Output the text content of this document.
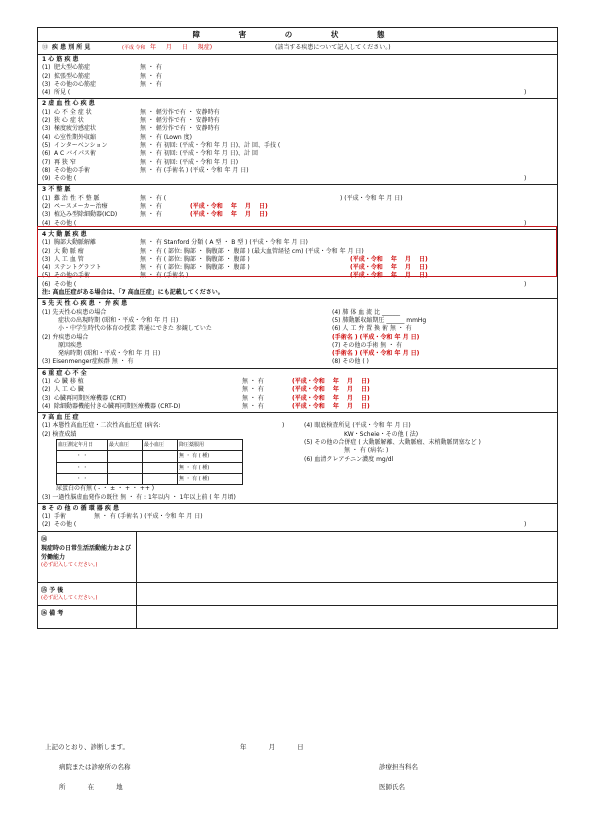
障 害 の 状 態
⑬ 疾 患 別 所 見	(平成 令和 年 月 日 現症)	(該当する疾患について記入してください。)
1 心 筋 疾 患
(1) 肥大型心筋症	無 ・ 有
(2) 拡張型心筋症	無 ・ 有
(3) その他の心筋症	無 ・ 有
(4) 所見 (	)
2 虚 血 性 心 疾 患
(1) 心 不 全 症 状	無 ・ 軽労作で有 ・ 安静時有
(2) 狭 心 症 状	無 ・ 軽労作で有 ・ 安静時有
(3) 極度疲労感症状	無 ・ 軽労作で有 ・ 安静時有
(4) 心室性期外収縮	無 ・ 有 (Lown 度)
(5) インターベンション	無 ・ 有 初回: (平成・令和 年 月 日)、計 回、手技 (
(6) A C バイパス術	無 ・ 有 初回: (平成・令和 年 月 日)、計 回
(7) 再 狭 窄	無 ・ 有 初回: (平成・令和 年 月 日)
(8) その他の手術	無 ・ 有 (手術名 ) (平成・令和 年 月 日)
(9) その他 (	)
3 不 整 脈
(1) 難 治 性 不 整 脈	無 ・ 有 (	) (平成・令和 年 月 日)
(2) ペースメーカー治療	無 ・ 有	(平成・令和 年 月 日)
(3) 植込み型除細動器(ICD)	無 ・ 有	(平成・令和 年 月 日)
(4) その他 (	)
4 大 動 脈 疾 患
(1) 胸部大動脈解離	無 ・ 有 Stanford 分類 ( A 型 ・ B 型 ) (平成・令和 年 月 日)
(2) 大 動 脈 瘤	無 ・ 有 ( 部位: 胸部 ・ 胸腹部 ・ 腹部 ) (最大血管経径 cm) (平成・令和 年 月 日)
(3) 人 工 血 管	無 ・ 有 ( 部位: 胸部 ・ 胸腹部 ・ 腹部 )	(平成・令和 年 月 日)
(4) ステントグラフト	無 ・ 有 ( 部位: 胸部 ・ 胸腹部 ・ 腹部 )	(平成・令和 年 月 日)
(5) その他の手術	無 ・ 有 (手術名 )	(平成・令和 年 月 日)
(6) その他 (	)
注: 高血圧症がある場合は、「7 高血圧症」にも記載してください。
5 先 天 性 心 疾 患 ・ 弁 疾 患
(1) 先天性心疾患の場合
症状の出現時期 (昭和・平成・令和 年 月 日)
小・中学生時代の体育の授業 普通にできた 参観していた
(2) 弁疾患の場合
原因疾患
発病時期 (昭和・平成・令和 年 月 日)
(3) Eisenmenger症候群 無 ・ 有
(4) 肺 体 血 流 比 ______
(5) 肺動脈収縮期圧 ______ mmHg
(6) 人 工 弁 置 換 術 無 ・ 有
(手術名 ) (平成・令和 年 月 日)
(7) その他の手術 無 ・ 有
(手術名 ) (平成・令和 年 月 日)
(8) その他 ( )
6 重 症 心 不 全
(1) 心 臓 移 植	無 ・ 有	(平成・令和 年 月 日)
(2) 人 工 心 臓	無 ・ 有	(平成・令和 年 月 日)
(3) 心臓再同期医療機器 (CRT)	無 ・ 有	(平成・令和 年 月 日)
(4) 除細動器機能付き心臓再同期医療機器 (CRT-D)	無 ・ 有	(平成・令和 年 月 日)
7 高 血 圧 症
(1) 本態性高血圧症・二次性高血圧症 (病名:	)
(2) 検査成績
血圧測定年月日	最大血圧	最小血圧	降圧薬服用
・ ・			無 ・ 有 ( 種)
・ ・			無 ・ 有 ( 種)
・ ・			無 ・ 有 ( 種)
尿蛋白の有無 ( - ・ ± ・ + ・ ++ )
(4) 眼底検査所見 (平成・令和 年 月 日)
KW・Scheie・その他 ( 法)
(5) その他の合併症 ( 大動脈解離、大動脈瘤、末梢動脈閉塞など )
無 ・ 有 (病名: )
(6) 血清クレアチニン濃度 mg/dl
(3) 一過性脳虚血発作の既往 無 ・ 有 : 1年以内 ・ 1年以上前 ( 年 月頃)
8 そ の 他 の 循 環 器 疾 患
(1) 手術	無 ・ 有 (手術名 ) (平成・令和 年 月 日)
(2) その他 (	)
⑭
現症時の日常生活活動能力および労働能力
(必ず記入してください。)
⑮ 予 後
(必ず記入してください。)
⑯ 備 考
上記のとおり、診断します。	年 月 日
病院または診療所の名称	診療担当科名
所 在 地	医師氏名
